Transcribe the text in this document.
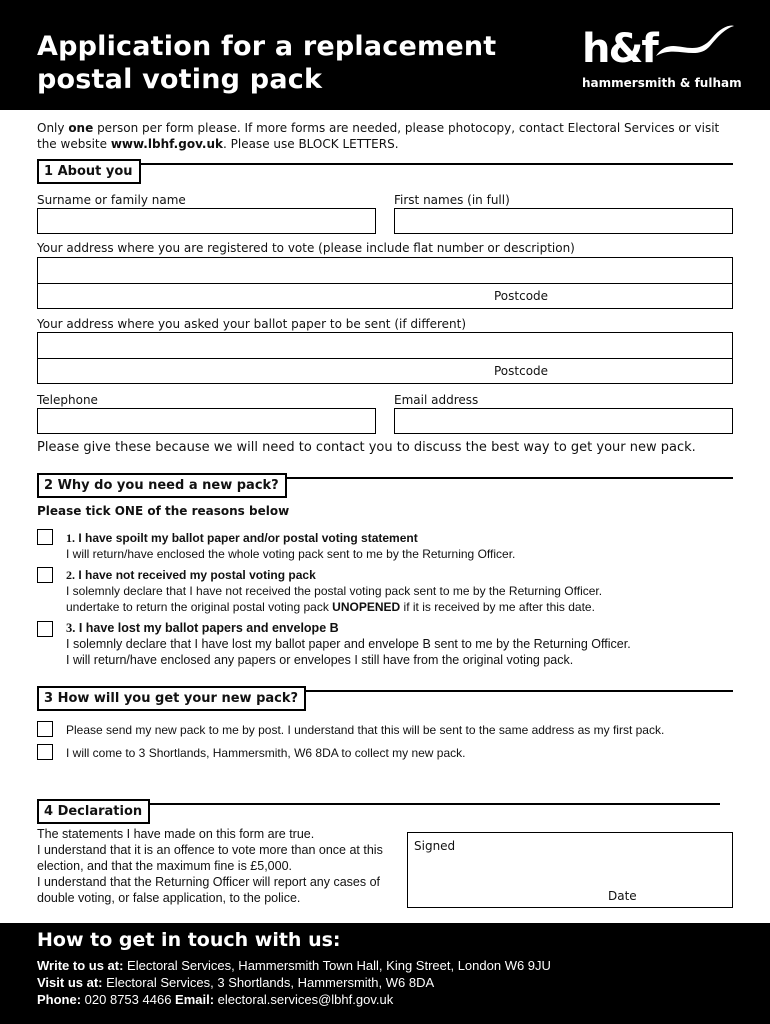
Application for a replacement
postal voting pack
h&f
hammersmith & fulham
Only one person per form please. If more forms are needed, please photocopy, contact Electoral Services or visit the website www.lbhf.gov.uk. Please use BLOCK LETTERS.
1 About you
Surname or family name	First names (in full)
Your address where you are registered to vote (please include flat number or description)
Postcode
Your address where you asked your ballot paper to be sent (if different)
Postcode
Telephone	Email address
Please give these because we will need to contact you to discuss the best way to get your new pack.
2 Why do you need a new pack?
Please tick ONE of the reasons below
1. I have spoilt my ballot paper and/or postal voting statement
I will return/have enclosed the whole voting pack sent to me by the Returning Officer.
2. I have not received my postal voting pack
I solemnly declare that I have not received the postal voting pack sent to me by the Returning Officer.
undertake to return the original postal voting pack UNOPENED if it is received by me after this date.
3. I have lost my ballot papers and envelope B
I solemnly declare that I have lost my ballot paper and envelope B sent to me by the Returning Officer.
I will return/have enclosed any papers or envelopes I still have from the original voting pack.
3 How will you get your new pack?
Please send my new pack to me by post. I understand that this will be sent to the same address as my first pack.
I will come to 3 Shortlands, Hammersmith, W6 8DA to collect my new pack.
4 Declaration
The statements I have made on this form are true.
I understand that it is an offence to vote more than once at this election, and that the maximum fine is £5,000.
I understand that the Returning Officer will report any cases of double voting, or false application, to the police.
Signed
Date
How to get in touch with us:
Write to us at: Electoral Services, Hammersmith Town Hall, King Street, London W6 9JU
Visit us at: Electoral Services, 3 Shortlands, Hammersmith, W6 8DA
Phone: 020 8753 4466 Email: electoral.services@lbhf.gov.uk
